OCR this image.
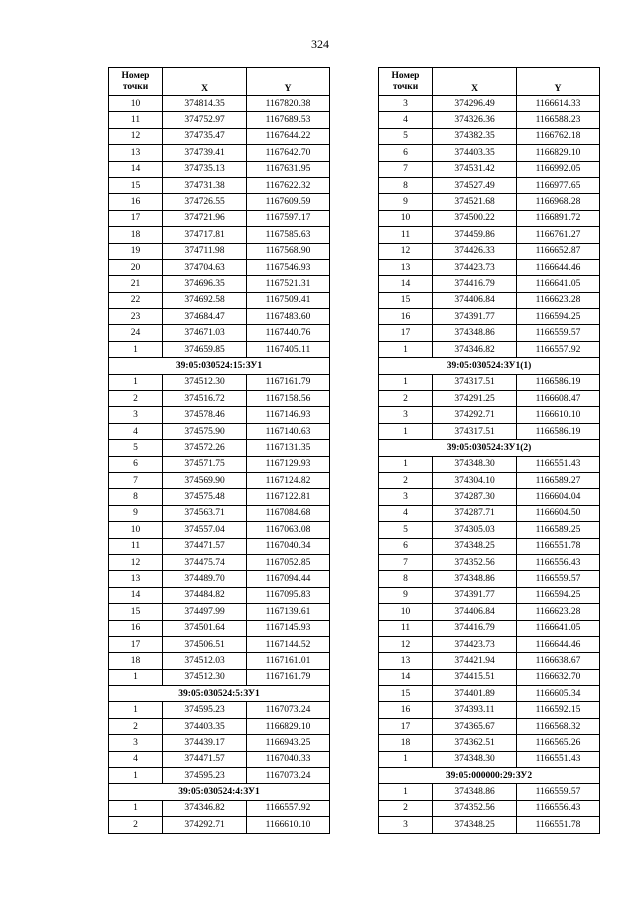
324
Номер точки	X	Y
10	374814.35	1167820.38
11	374752.97	1167689.53
12	374735.47	1167644.22
13	374739.41	1167642.70
14	374735.13	1167631.95
15	374731.38	1167622.32
16	374726.55	1167609.59
17	374721.96	1167597.17
18	374717.81	1167585.63
19	374711.98	1167568.90
20	374704.63	1167546.93
21	374696.35	1167521.31
22	374692.58	1167509.41
23	374684.47	1167483.60
24	374671.03	1167440.76
1	374659.85	1167405.11
39:05:030524:15:ЗУ1		
1	374512.30	1167161.79
2	374516.72	1167158.56
3	374578.46	1167146.93
4	374575.90	1167140.63
5	374572.26	1167131.35
6	374571.75	1167129.93
7	374569.90	1167124.82
8	374575.48	1167122.81
9	374563.71	1167084.68
10	374557.04	1167063.08
11	374471.57	1167040.34
12	374475.74	1167052.85
13	374489.70	1167094.44
14	374484.82	1167095.83
15	374497.99	1167139.61
16	374501.64	1167145.93
17	374506.51	1167144.52
18	374512.03	1167161.01
1	374512.30	1167161.79
39:05:030524:5:ЗУ1		
1	374595.23	1167073.24
2	374403.35	1166829.10
3	374439.17	1166943.25
4	374471.57	1167040.33
1	374595.23	1167073.24
39:05:030524:4:ЗУ1		
1	374346.82	1166557.92
2	374292.71	1166610.10
Номер точки	X	Y
3	374296.49	1166614.33
4	374326.36	1166588.23
5	374382.35	1166762.18
6	374403.35	1166829.10
7	374531.42	1166992.05
8	374527.49	1166977.65
9	374521.68	1166968.28
10	374500.22	1166891.72
11	374459.86	1166761.27
12	374426.33	1166652.87
13	374423.73	1166644.46
14	374416.79	1166641.05
15	374406.84	1166623.28
16	374391.77	1166594.25
17	374348.86	1166559.57
1	374346.82	1166557.92
39:05:030524:ЗУ1(1)		
1	374317.51	1166586.19
2	374291.25	1166608.47
3	374292.71	1166610.10
1	374317.51	1166586.19
39:05:030524:ЗУ1(2)		
1	374348.30	1166551.43
2	374304.10	1166589.27
3	374287.30	1166604.04
4	374287.71	1166604.50
5	374305.03	1166589.25
6	374348.25	1166551.78
7	374352.56	1166556.43
8	374348.86	1166559.57
9	374391.77	1166594.25
10	374406.84	1166623.28
11	374416.79	1166641.05
12	374423.73	1166644.46
13	374421.94	1166638.67
14	374415.51	1166632.70
15	374401.89	1166605.34
16	374393.11	1166592.15
17	374365.67	1166568.32
18	374362.51	1166565.26
1	374348.30	1166551.43
39:05:000000:29:ЗУ2		
1	374348.86	1166559.57
2	374352.56	1166556.43
3	374348.25	1166551.78
